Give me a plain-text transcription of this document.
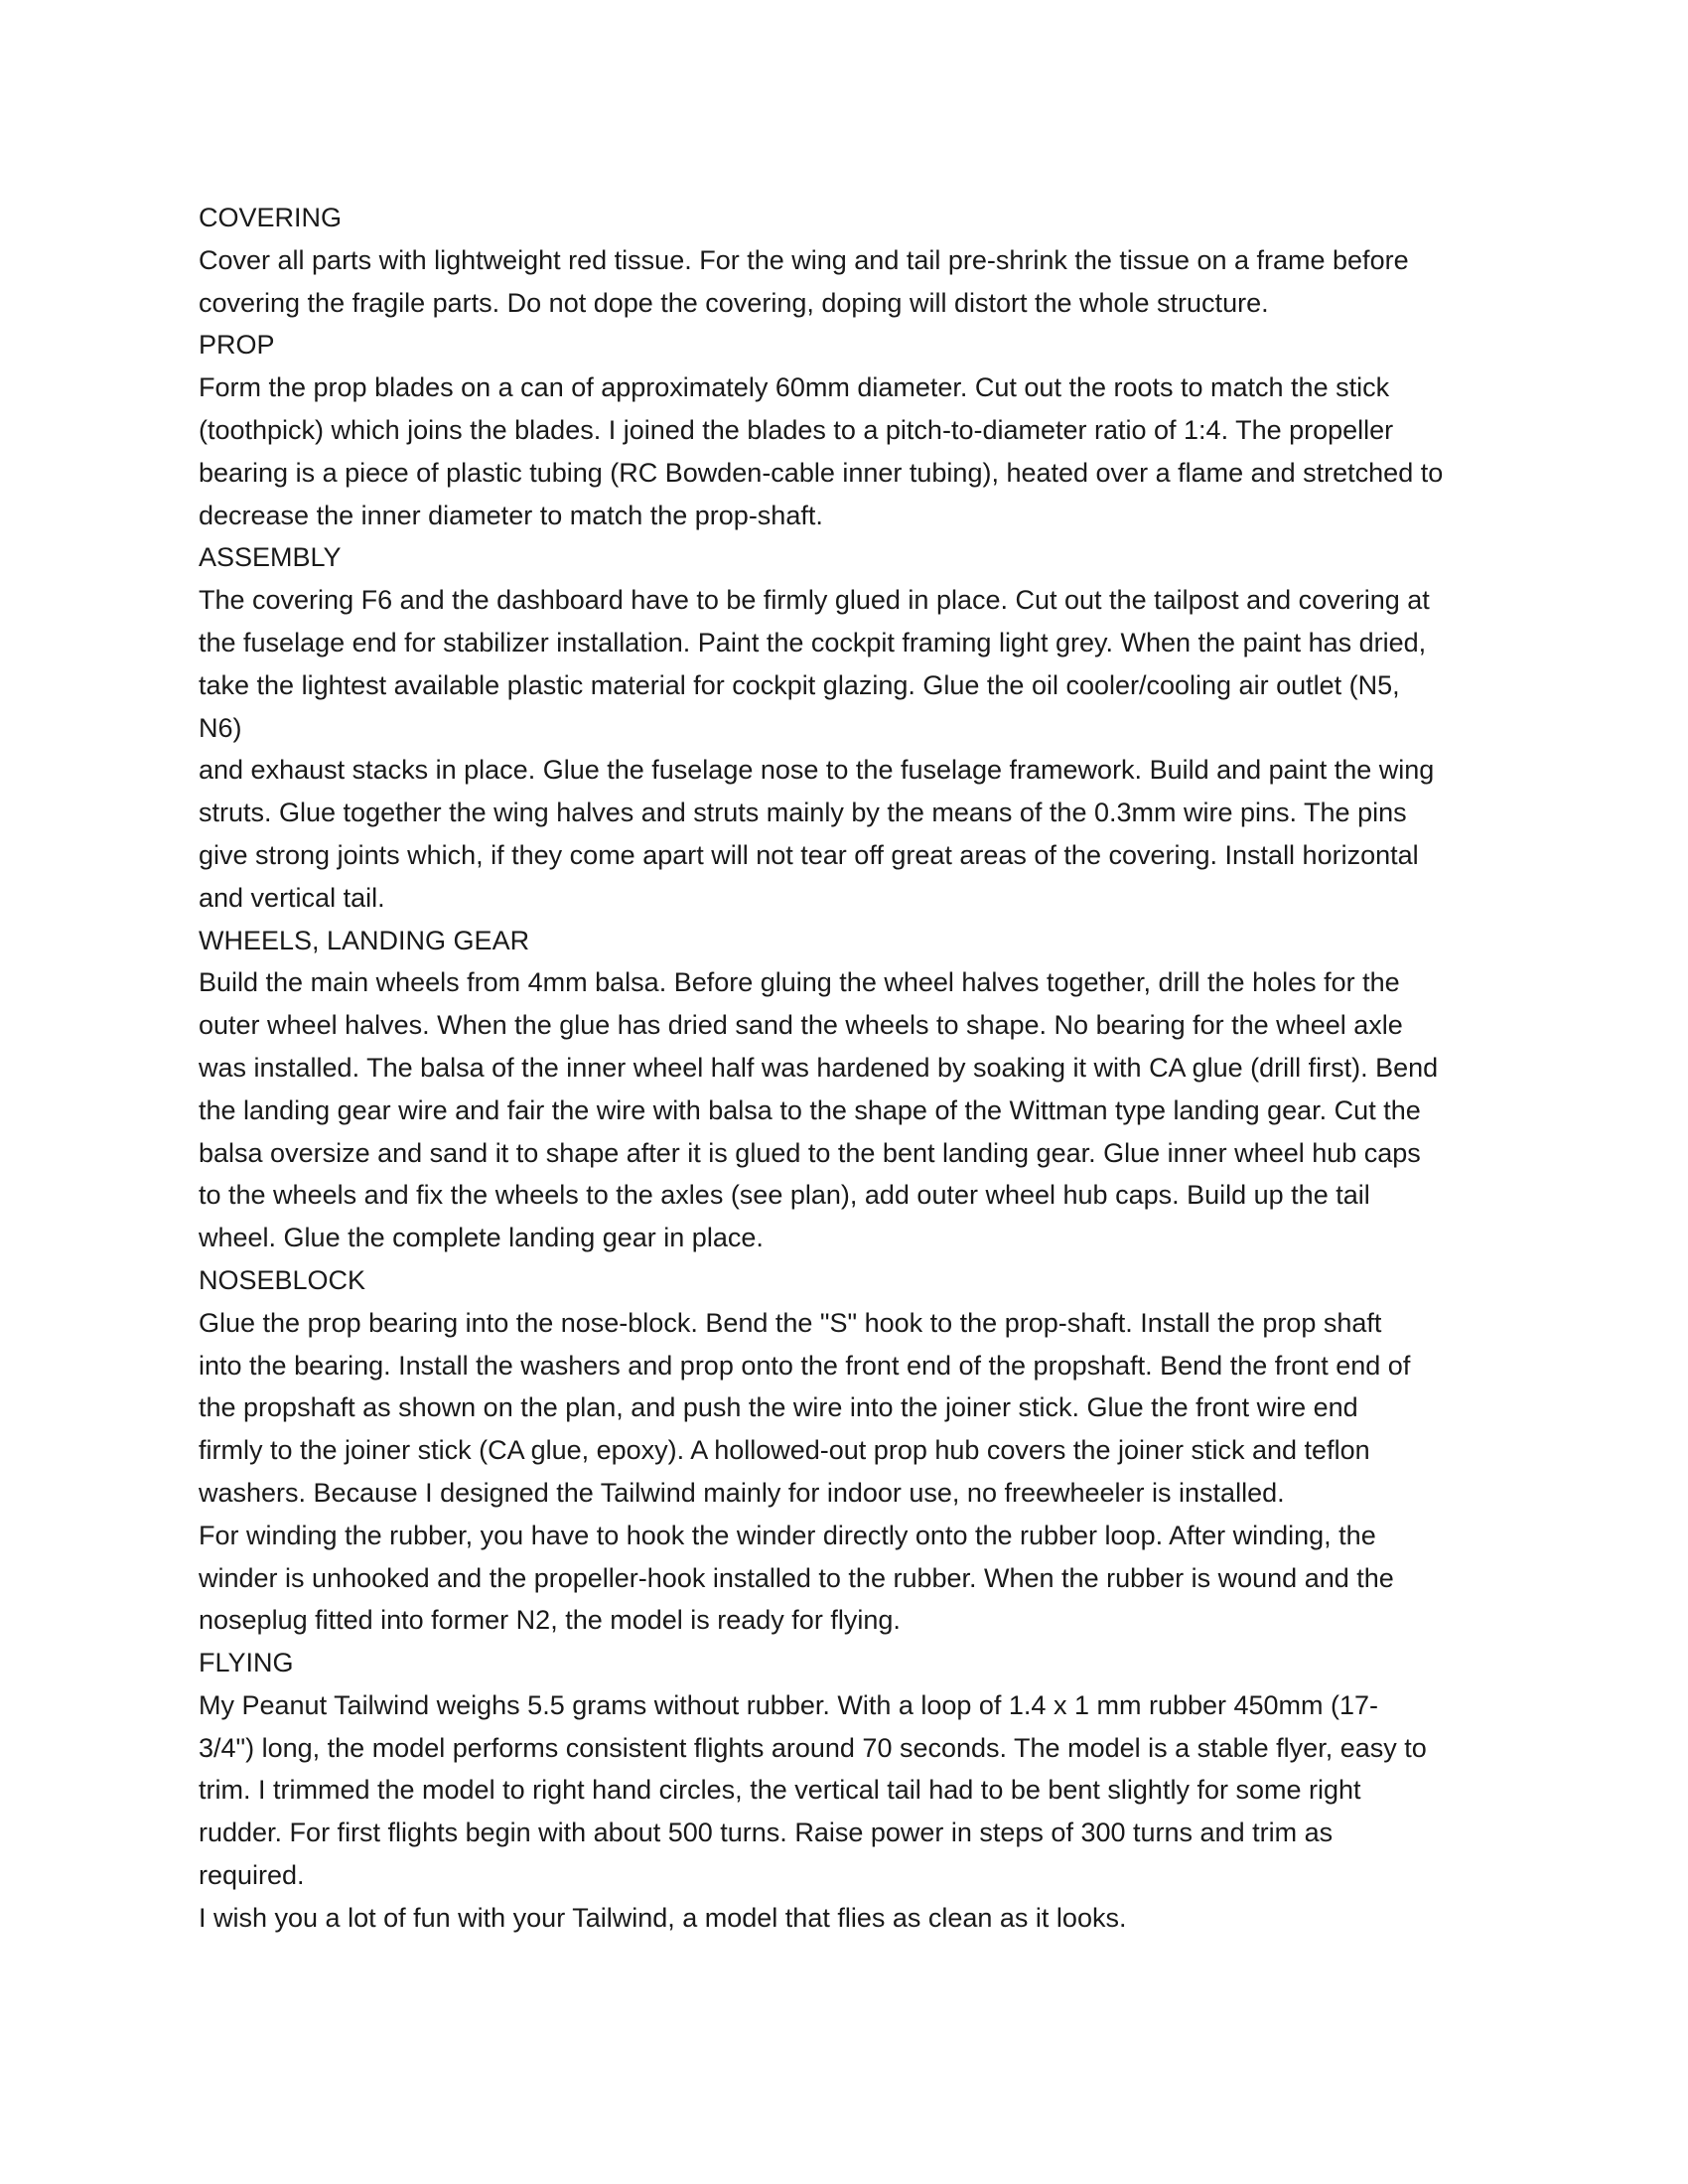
COVERING
Cover all parts with lightweight red tissue. For the wing and tail pre-shrink the tissue on a frame before
covering the fragile parts. Do not dope the covering, doping will distort the whole structure.
PROP
Form the prop blades on a can of approximately 60mm diameter. Cut out the roots to match the stick
(toothpick) which joins the blades. I joined the blades to a pitch-to-diameter ratio of 1:4. The propeller
bearing is a piece of plastic tubing (RC Bowden-cable inner tubing), heated over a flame and stretched to
decrease the inner diameter to match the prop-shaft.
ASSEMBLY
The covering F6 and the dashboard have to be firmly glued in place. Cut out the tailpost and covering at
the fuselage end for stabilizer installation. Paint the cockpit framing light grey. When the paint has dried,
take the lightest available plastic material for cockpit glazing. Glue the oil cooler/cooling air outlet (N5,
N6)
and exhaust stacks in place. Glue the fuselage nose to the fuselage framework. Build and paint the wing
struts. Glue together the wing halves and struts mainly by the means of the 0.3mm wire pins. The pins
give strong joints which, if they come apart will not tear off great areas of the covering. Install horizontal
and vertical tail.
WHEELS, LANDING GEAR
Build the main wheels from 4mm balsa. Before gluing the wheel halves together, drill the holes for the
outer wheel halves. When the glue has dried sand the wheels to shape. No bearing for the wheel axle
was installed. The balsa of the inner wheel half was hardened by soaking it with CA glue (drill first). Bend
the landing gear wire and fair the wire with balsa to the shape of the Wittman type landing gear. Cut the
balsa oversize and sand it to shape after it is glued to the bent landing gear. Glue inner wheel hub caps
to the wheels and fix the wheels to the axles (see plan), add outer wheel hub caps. Build up the tail
wheel. Glue the complete landing gear in place.
NOSEBLOCK
Glue the prop bearing into the nose-block. Bend the "S" hook to the prop-shaft. Install the prop shaft
into the bearing. Install the washers and prop onto the front end of the propshaft. Bend the front end of
the propshaft as shown on the plan, and push the wire into the joiner stick. Glue the front wire end
firmly to the joiner stick (CA glue, epoxy). A hollowed-out prop hub covers the joiner stick and teflon
washers. Because I designed the Tailwind mainly for indoor use, no freewheeler is installed.
For winding the rubber, you have to hook the winder directly onto the rubber loop. After winding, the
winder is unhooked and the propeller-hook installed to the rubber. When the rubber is wound and the
noseplug fitted into former N2, the model is ready for flying.
FLYING
My Peanut Tailwind weighs 5.5 grams without rubber. With a loop of 1.4 x 1 mm rubber 450mm (17-
3/4") long, the model performs consistent flights around 70 seconds. The model is a stable flyer, easy to
trim. I trimmed the model to right hand circles, the vertical tail had to be bent slightly for some right
rudder. For first flights begin with about 500 turns. Raise power in steps of 300 turns and trim as
required.
I wish you a lot of fun with your Tailwind, a model that flies as clean as it looks.
